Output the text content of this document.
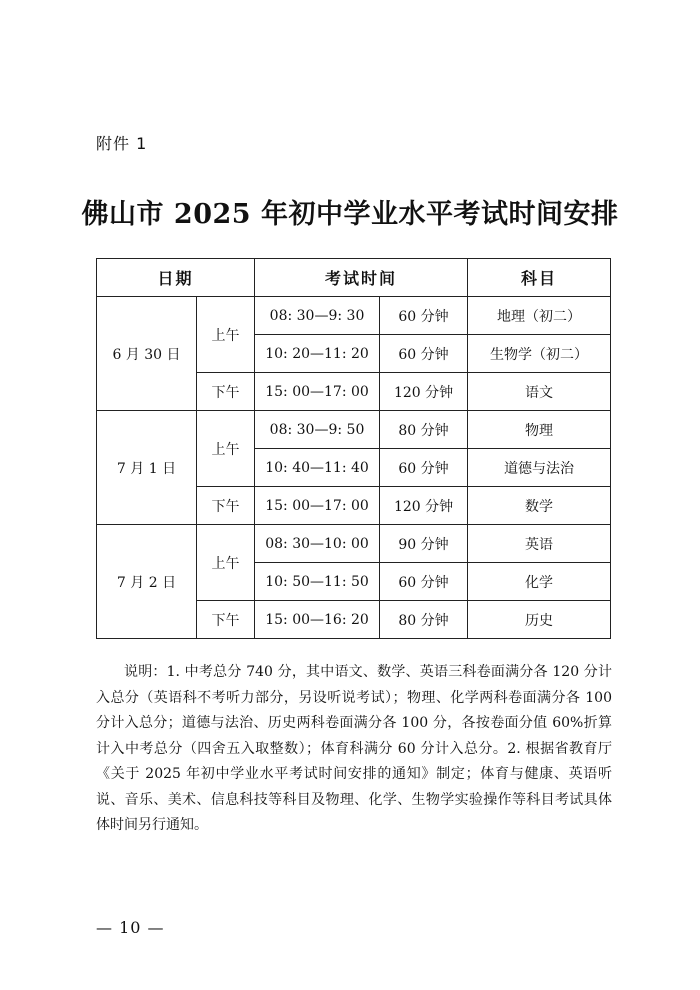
附件 1
佛山市 2025 年初中学业水平考试时间安排
日期		考试时间		科目
6 月 30 日	上午	08: 30—9: 30	60 分钟	地理（初二）
		10: 20—11: 20	60 分钟	生物学（初二）
	下午	15: 00—17: 00	120 分钟	语文
7 月 1 日	上午	08: 30—9: 50	80 分钟	物理
		10: 40—11: 40	60 分钟	道德与法治
	下午	15: 00—17: 00	120 分钟	数学
7 月 2 日	上午	08: 30—10: 00	90 分钟	英语
		10: 50—11: 50	60 分钟	化学
	下午	15: 00—16: 20	80 分钟	历史

说明：1. 中考总分 740 分，其中语文、数学、英语三科卷面满分各 120 分计入总分（英语科不考听力部分，另设听说考试）；物理、化学两科卷面满分各 100 分计入总分；道德与法治、历史两科卷面满分各 100 分，各按卷面分值 60%折算计入中考总分（四舍五入取整数）；体育科满分 60 分计入总分。2. 根据省教育厅《关于 2025 年初中学业水平考试时间安排的通知》制定；体育与健康、英语听说、音乐、美术、信息科技等科目及物理、化学、生物学实验操作等科目考试具体体时间另行通知。

— 10 —
